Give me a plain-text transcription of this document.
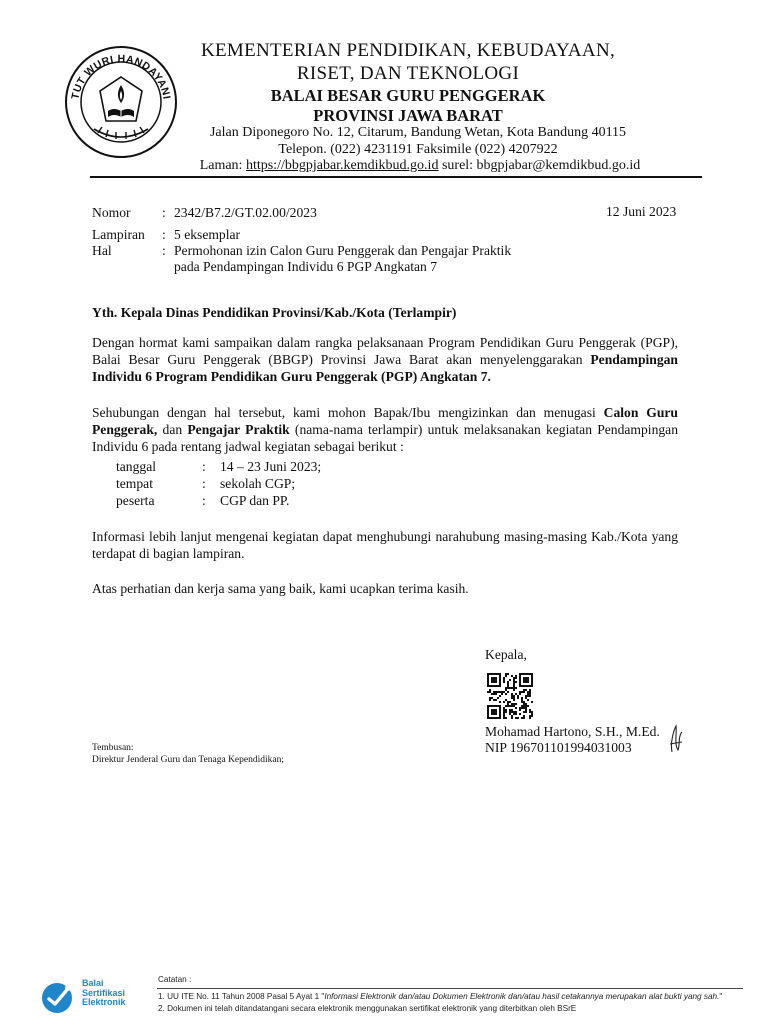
TUT WURI HANDAYANI
KEMENTERIAN PENDIDIKAN, KEBUDAYAAN,
RISET, DAN TEKNOLOGI
BALAI BESAR GURU PENGGERAK
PROVINSI JAWA BARAT
Jalan Diponegoro No. 12, Citarum, Bandung Wetan, Kota Bandung 40115
Telepon. (022) 4231191 Faksimile (022) 4207922
Laman: https://bbgpjabar.kemdikbud.go.id surel: bbgpjabar@kemdikbud.go.id
Nomor	:	2342/B7.2/GT.02.00/2023

Lampiran	:	5 eksemplar
Hal	:	Permohonan izin Calon Guru Penggerak dan Pengajar Praktik
		pada Pendampingan Individu 6 PGP Angkatan 7
12 Juni 2023
Yth. Kepala Dinas Pendidikan Provinsi/Kab./Kota (Terlampir)
Dengan hormat kami sampaikan dalam rangka pelaksanaan Program Pendidikan Guru Penggerak (PGP), Balai Besar Guru Penggerak (BBGP) Provinsi Jawa Barat akan menyelenggarakan Pendampingan Individu 6 Program Pendidikan Guru Penggerak (PGP) Angkatan 7.
Sehubungan dengan hal tersebut, kami mohon Bapak/Ibu mengizinkan dan menugasi Calon Guru Penggerak, dan Pengajar Praktik (nama-nama terlampir) untuk melaksanakan kegiatan Pendampingan Individu 6 pada rentang jadwal kegiatan sebagai berikut :
tanggal	: 14 – 23 Juni 2023;
tempat	: sekolah CGP;
peserta	: CGP dan PP.
Informasi lebih lanjut mengenai kegiatan dapat menghubungi narahubung masing-masing Kab./Kota yang terdapat di bagian lampiran.
Atas perhatian dan kerja sama yang baik, kami ucapkan terima kasih.
Kepala,
Mohamad Hartono, S.H., M.Ed.
NIP 196701101994031003
Tembusan:
Direktur Jenderal Guru dan Tenaga Kependidikan;
Balai
Sertifikasi
Elektronik
Catatan :
1. UU ITE No. 11 Tahun 2008 Pasal 5 Ayat 1 "Informasi Elektronik dan/atau Dokumen Elektronik dan/atau hasil cetakannya merupakan alat bukti yang sah."
2. Dokumen ini telah ditandatangani secara elektronik menggunakan sertifikat elektronik yang diterbitkan oleh BSrE
